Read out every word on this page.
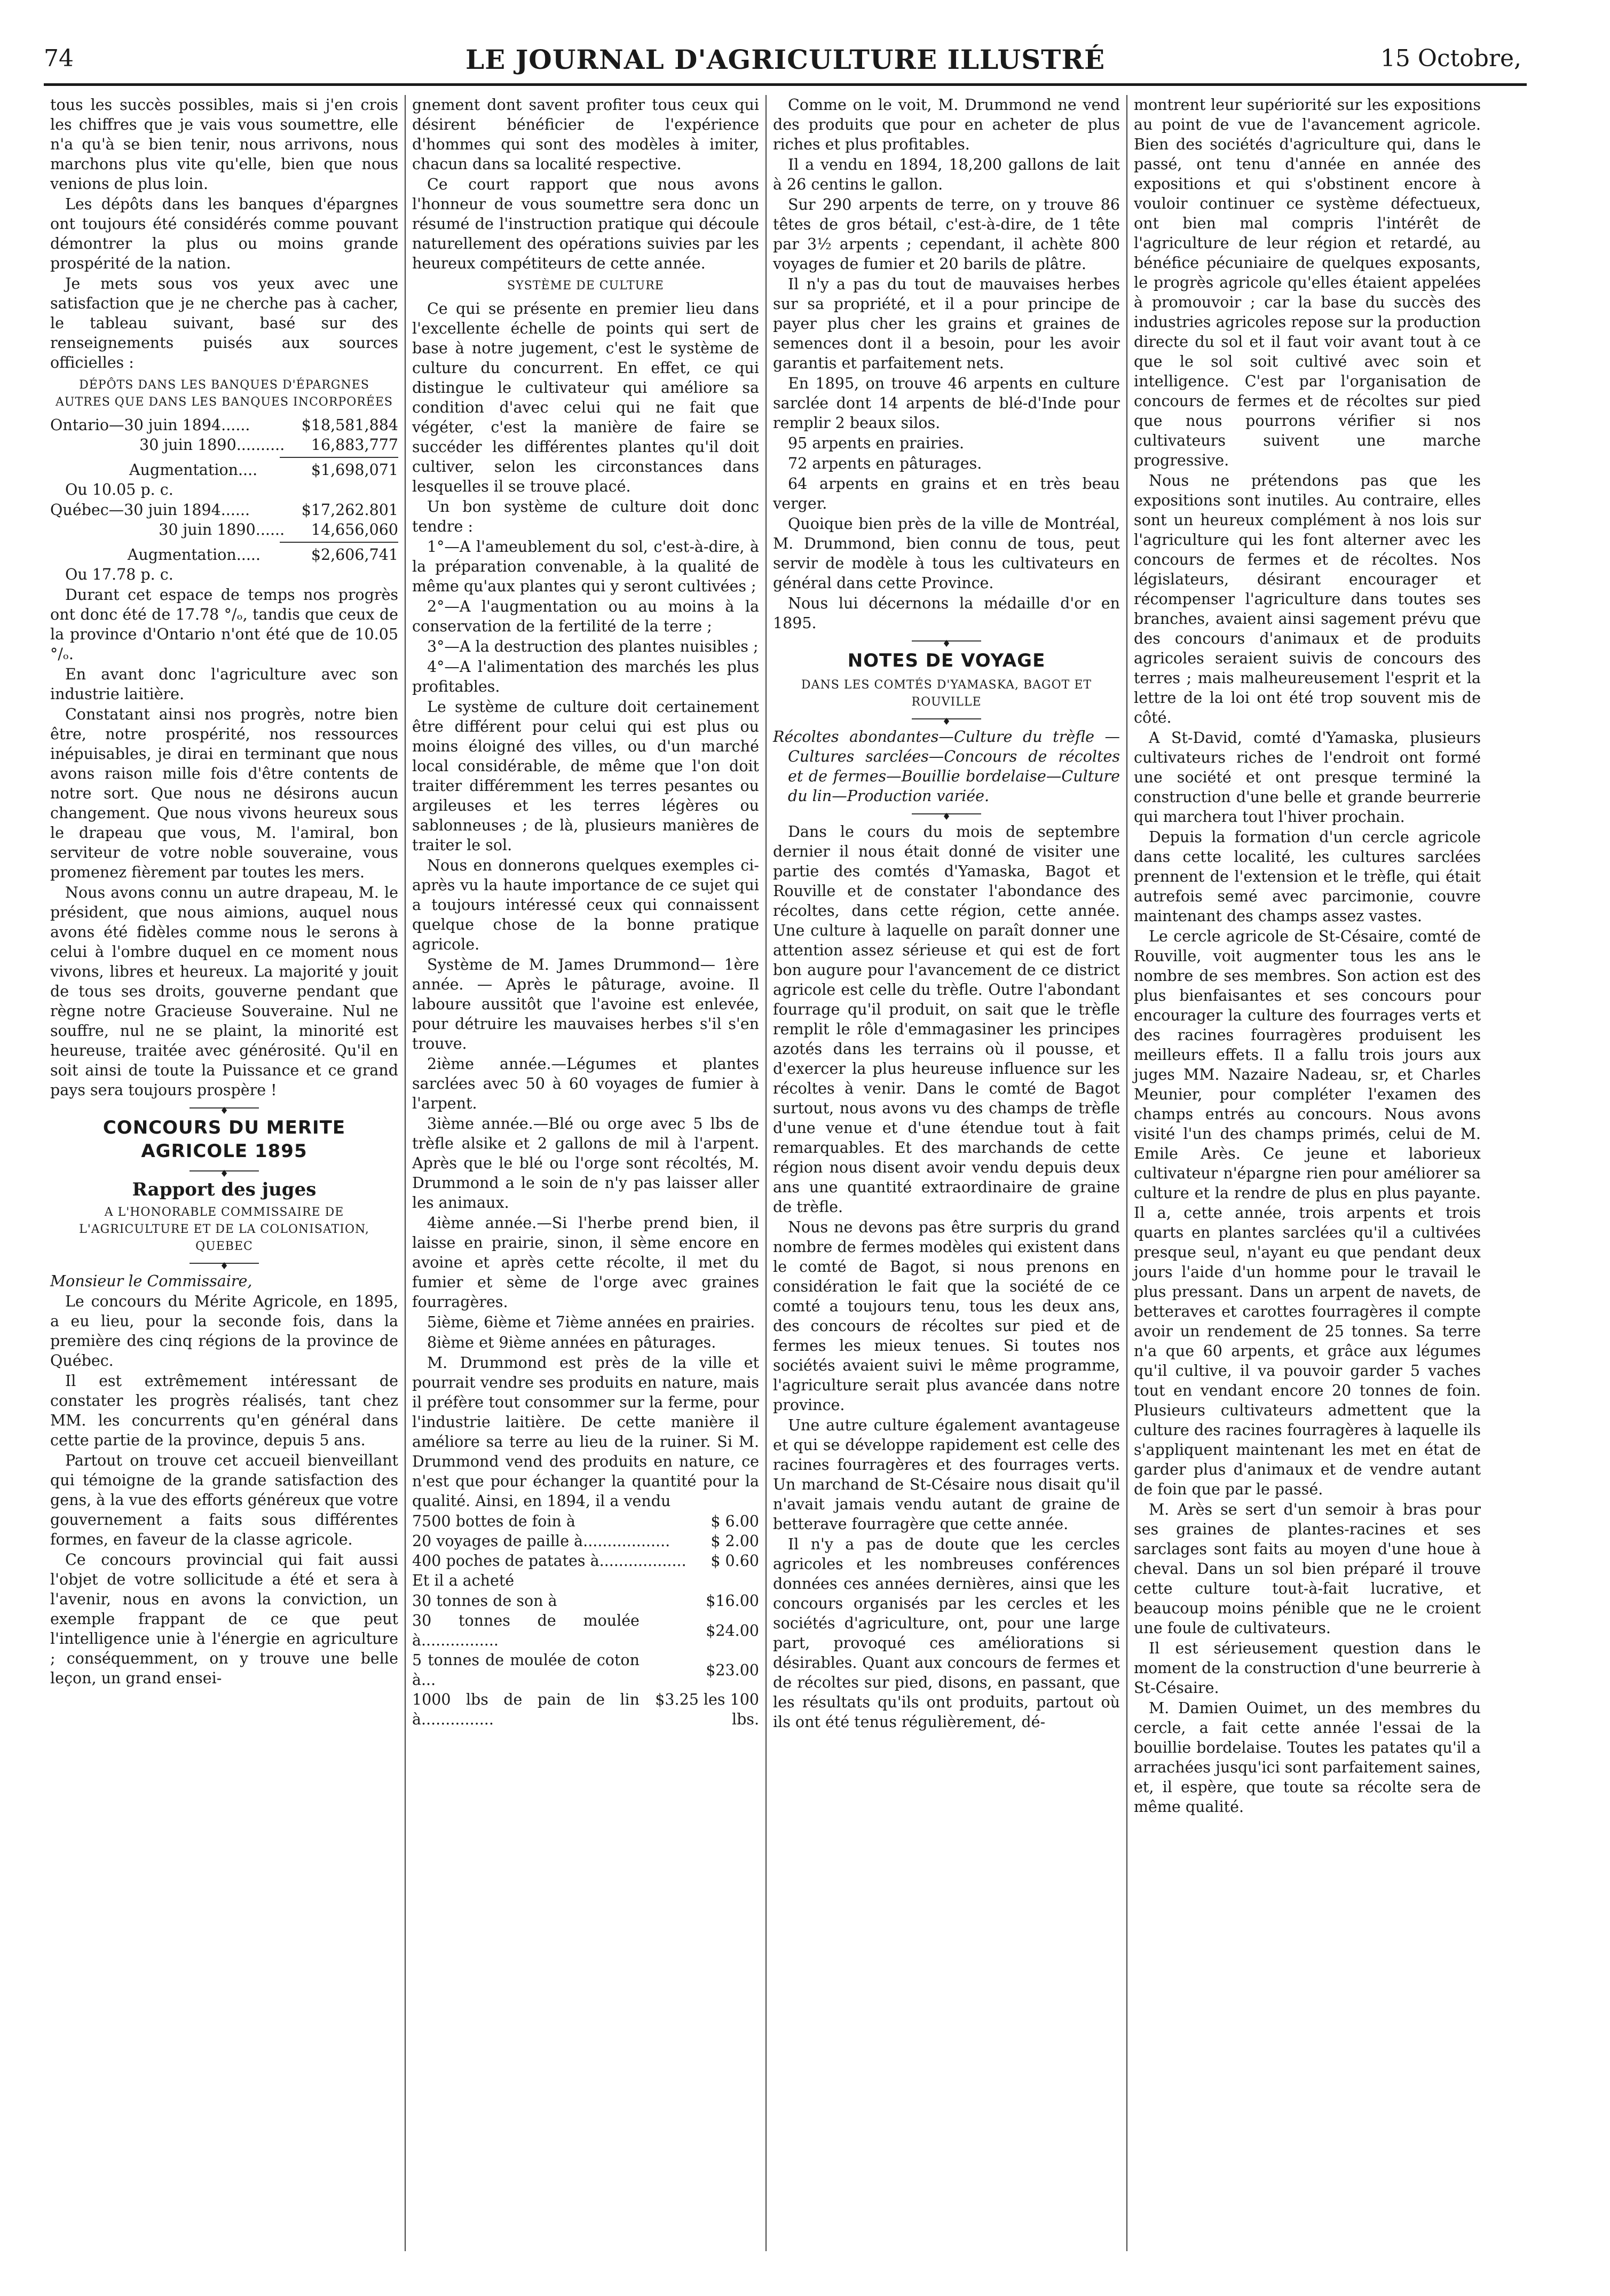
74	LE JOURNAL D'AGRICULTURE ILLUSTRÉ	15 Octobre,

tous les succès possibles, mais si j'en crois les chiffres que je vais vous soumettre, elle n'a qu'à se bien tenir, nous arrivons, nous marchons plus vite qu'elle, bien que nous venions de plus loin.

Les dépôts dans les banques d'épargnes ont toujours été considérés comme pouvant démontrer la plus ou moins grande prospérité de la nation.

Je mets sous vos yeux avec une satisfaction que je ne cherche pas à cacher, le tableau suivant, basé sur des renseignements puisés aux sources officielles :

DÉPÔTS DANS LES BANQUES D'ÉPARGNES AUTRES QUE DANS LES BANQUES INCORPORÉES

Ontario—30 juin 1894......	$18,581,884
30 juin 1890..........	16,883,777
Augmentation....	$1,698,071

Ou 10.05 p. c.

Québec—30 juin 1894......	$17,262.801
30 juin 1890......	14,656,060
Augmentation.....	$2,606,741

Ou 17.78 p. c.

Durant cet espace de temps nos progrès ont donc été de 17.78 °/ₒ, tandis que ceux de la province d'Ontario n'ont été que de 10.05 °/ₒ.

En avant donc l'agriculture avec son industrie laitière.

Constatant ainsi nos progrès, notre bien être, notre prospérité, nos ressources inépuisables, je dirai en terminant que nous avons raison mille fois d'être contents de notre sort. Que nous ne désirons aucun changement. Que nous vivons heureux sous le drapeau que vous, M. l'amiral, bon serviteur de votre noble souveraine, vous promenez fièrement par toutes les mers.

Nous avons connu un autre drapeau, M. le président, que nous aimions, auquel nous avons été fidèles comme nous le serons à celui à l'ombre duquel en ce moment nous vivons, libres et heureux. La majorité y jouit de tous ses droits, gouverne pendant que règne notre Gracieuse Souveraine. Nul ne souffre, nul ne se plaint, la minorité est heureuse, traitée avec générosité. Qu'il en soit ainsi de toute la Puissance et ce grand pays sera toujours prospère !

♦

CONCOURS DU MERITE AGRICOLE 1895

♦

Rapport des juges

A L'HONORABLE COMMISSAIRE DE L'AGRICULTURE ET DE LA COLONISATION, QUEBEC

♦

Monsieur le Commissaire,

Le concours du Mérite Agricole, en 1895, a eu lieu, pour la seconde fois, dans la première des cinq régions de la province de Québec.

Il est extrêmement intéressant de constater les progrès réalisés, tant chez MM. les concurrents qu'en général dans cette partie de la province, depuis 5 ans.

Partout on trouve cet accueil bienveillant qui témoigne de la grande satisfaction des gens, à la vue des efforts généreux que votre gouvernement a faits sous différentes formes, en faveur de la classe agricole.

Ce concours provincial qui fait aussi l'objet de votre sollicitude a été et sera à l'avenir, nous en avons la conviction, un exemple frappant de ce que peut l'intelligence unie à l'énergie en agriculture ; conséquemment, on y trouve une belle leçon, un grand ensei-

gnement dont savent profiter tous ceux qui désirent bénéficier de l'expérience d'hommes qui sont des modèles à imiter, chacun dans sa localité respective.

Ce court rapport que nous avons l'honneur de vous soumettre sera donc un résumé de l'instruction pratique qui découle naturellement des opérations suivies par les heureux compétiteurs de cette année.

SYSTÈME DE CULTURE

Ce qui se présente en premier lieu dans l'excellente échelle de points qui sert de base à notre jugement, c'est le système de culture du concurrent. En effet, ce qui distingue le cultivateur qui améliore sa condition d'avec celui qui ne fait que végéter, c'est la manière de faire se succéder les différentes plantes qu'il doit cultiver, selon les circonstances dans lesquelles il se trouve placé.

Un bon système de culture doit donc tendre :

1°—A l'ameublement du sol, c'est-à-dire, à la préparation convenable, à la qualité de même qu'aux plantes qui y seront cultivées ;

2°—A l'augmentation ou au moins à la conservation de la fertilité de la terre ;

3°—A la destruction des plantes nuisibles ;

4°—A l'alimentation des marchés les plus profitables.

Le système de culture doit certainement être différent pour celui qui est plus ou moins éloigné des villes, ou d'un marché local considérable, de même que l'on doit traiter différemment les terres pesantes ou argileuses et les terres légères ou sablonneuses ; de là, plusieurs manières de traiter le sol.

Nous en donnerons quelques exemples ci-après vu la haute importance de ce sujet qui a toujours intéressé ceux qui connaissent quelque chose de la bonne pratique agricole.

Système de M. James Drummond— 1ère année. — Après le pâturage, avoine. Il laboure aussitôt que l'avoine est enlevée, pour détruire les mauvaises herbes s'il s'en trouve.

2ième année.—Légumes et plantes sarclées avec 50 à 60 voyages de fumier à l'arpent.

3ième année.—Blé ou orge avec 5 lbs de trèfle alsike et 2 gallons de mil à l'arpent. Après que le blé ou l'orge sont récoltés, M. Drummond a le soin de n'y pas laisser aller les animaux.

4ième année.—Si l'herbe prend bien, il laisse en prairie, sinon, il sème encore en avoine et après cette récolte, il met du fumier et sème de l'orge avec graines fourragères.

5ième, 6ième et 7ième années en prairies.

8ième et 9ième années en pâturages.

M. Drummond est près de la ville et pourrait vendre ses produits en nature, mais il préfère tout consommer sur la ferme, pour l'industrie laitière. De cette manière il améliore sa terre au lieu de la ruiner. Si M. Drummond vend des produits en nature, ce n'est que pour échanger la quantité pour la qualité. Ainsi, en 1894, il a vendu

7500 bottes de foin à	$ 6.00
20 voyages de paille à..................	$ 2.00
400 poches de patates à..................	$ 0.60

Et il a acheté

30 tonnes de son à	$16.00
30 tonnes de moulée à................	$24.00
5 tonnes de moulée de coton à...	$23.00
1000 lbs de pain de lin à...............	$3.25 les 100 lbs.

Comme on le voit, M. Drummond ne vend des produits que pour en acheter de plus riches et plus profitables.

Il a vendu en 1894, 18,200 gallons de lait à 26 centins le gallon.

Sur 290 arpents de terre, on y trouve 86 têtes de gros bétail, c'est-à-dire, de 1 tête par 3½ arpents ; cependant, il achète 800 voyages de fumier et 20 barils de plâtre.

Il n'y a pas du tout de mauvaises herbes sur sa propriété, et il a pour principe de payer plus cher les grains et graines de semences dont il a besoin, pour les avoir garantis et parfaitement nets.

En 1895, on trouve 46 arpents en culture sarclée dont 14 arpents de blé-d'Inde pour remplir 2 beaux silos.

95 arpents en prairies.

72 arpents en pâturages.

64 arpents en grains et en très beau verger.

Quoique bien près de la ville de Montréal, M. Drummond, bien connu de tous, peut servir de modèle à tous les cultivateurs en général dans cette Province.

Nous lui décernons la médaille d'or en 1895.

♦

NOTES DE VOYAGE

DANS LES COMTÉS D'YAMASKA, BAGOT ET ROUVILLE

♦

Récoltes abondantes—Culture du trèfle —Cultures sarclées—Concours de récoltes et de fermes—Bouillie bordelaise—Culture du lin—Production variée.

♦

Dans le cours du mois de septembre dernier il nous était donné de visiter une partie des comtés d'Yamaska, Bagot et Rouville et de constater l'abondance des récoltes, dans cette région, cette année. Une culture à laquelle on paraît donner une attention assez sérieuse et qui est de fort bon augure pour l'avancement de ce district agricole est celle du trèfle. Outre l'abondant fourrage qu'il produit, on sait que le trèfle remplit le rôle d'emmagasiner les principes azotés dans les terrains où il pousse, et d'exercer la plus heureuse influence sur les récoltes à venir. Dans le comté de Bagot surtout, nous avons vu des champs de trèfle d'une venue et d'une étendue tout à fait remarquables. Et des marchands de cette région nous disent avoir vendu depuis deux ans une quantité extraordinaire de graine de trèfle.

Nous ne devons pas être surpris du grand nombre de fermes modèles qui existent dans le comté de Bagot, si nous prenons en considération le fait que la société de ce comté a toujours tenu, tous les deux ans, des concours de récoltes sur pied et de fermes les mieux tenues. Si toutes nos sociétés avaient suivi le même programme, l'agriculture serait plus avancée dans notre province.

Une autre culture également avantageuse et qui se développe rapidement est celle des racines fourragères et des fourrages verts. Un marchand de St-Césaire nous disait qu'il n'avait jamais vendu autant de graine de betterave fourragère que cette année.

Il n'y a pas de doute que les cercles agricoles et les nombreuses conférences données ces années dernières, ainsi que les concours organisés par les cercles et les sociétés d'agriculture, ont, pour une large part, provoqué ces améliorations si désirables. Quant aux concours de fermes et de récoltes sur pied, disons, en passant, que les résultats qu'ils ont produits, partout où ils ont été tenus régulièrement, dé-

montrent leur supériorité sur les expositions au point de vue de l'avancement agricole. Bien des sociétés d'agriculture qui, dans le passé, ont tenu d'année en année des expositions et qui s'obstinent encore à vouloir continuer ce système défectueux, ont bien mal compris l'intérêt de l'agriculture de leur région et retardé, au bénéfice pécuniaire de quelques exposants, le progrès agricole qu'elles étaient appelées à promouvoir ; car la base du succès des industries agricoles repose sur la production directe du sol et il faut voir avant tout à ce que le sol soit cultivé avec soin et intelligence. C'est par l'organisation de concours de fermes et de récoltes sur pied que nous pourrons vérifier si nos cultivateurs suivent une marche progressive.

Nous ne prétendons pas que les expositions sont inutiles. Au contraire, elles sont un heureux complément à nos lois sur l'agriculture qui les font alterner avec les concours de fermes et de récoltes. Nos législateurs, désirant encourager et récompenser l'agriculture dans toutes ses branches, avaient ainsi sagement prévu que des concours d'animaux et de produits agricoles seraient suivis de concours des terres ; mais malheureusement l'esprit et la lettre de la loi ont été trop souvent mis de côté.

A St-David, comté d'Yamaska, plusieurs cultivateurs riches de l'endroit ont formé une société et ont presque terminé la construction d'une belle et grande beurrerie qui marchera tout l'hiver prochain.

Depuis la formation d'un cercle agricole dans cette localité, les cultures sarclées prennent de l'extension et le trèfle, qui était autrefois semé avec parcimonie, couvre maintenant des champs assez vastes.

Le cercle agricole de St-Césaire, comté de Rouville, voit augmenter tous les ans le nombre de ses membres. Son action est des plus bienfaisantes et ses concours pour encourager la culture des fourrages verts et des racines fourragères produisent les meilleurs effets. Il a fallu trois jours aux juges MM. Nazaire Nadeau, sr, et Charles Meunier, pour compléter l'examen des champs entrés au concours. Nous avons visité l'un des champs primés, celui de M. Emile Arès. Ce jeune et laborieux cultivateur n'épargne rien pour améliorer sa culture et la rendre de plus en plus payante. Il a, cette année, trois arpents et trois quarts en plantes sarclées qu'il a cultivées presque seul, n'ayant eu que pendant deux jours l'aide d'un homme pour le travail le plus pressant. Dans un arpent de navets, de betteraves et carottes fourragères il compte avoir un rendement de 25 tonnes. Sa terre n'a que 60 arpents, et grâce aux légumes qu'il cultive, il va pouvoir garder 5 vaches tout en vendant encore 20 tonnes de foin. Plusieurs cultivateurs admettent que la culture des racines fourragères à laquelle ils s'appliquent maintenant les met en état de garder plus d'animaux et de vendre autant de foin que par le passé.

M. Arès se sert d'un semoir à bras pour ses graines de plantes-racines et ses sarclages sont faits au moyen d'une houe à cheval. Dans un sol bien préparé il trouve cette culture tout-à-fait lucrative, et beaucoup moins pénible que ne le croient une foule de cultivateurs.

Il est sérieusement question dans le moment de la construction d'une beurrerie à St-Césaire.

M. Damien Ouimet, un des membres du cercle, a fait cette année l'essai de la bouillie bordelaise. Toutes les patates qu'il a arrachées jusqu'ici sont parfaitement saines, et, il espère, que toute sa récolte sera de même qualité.
